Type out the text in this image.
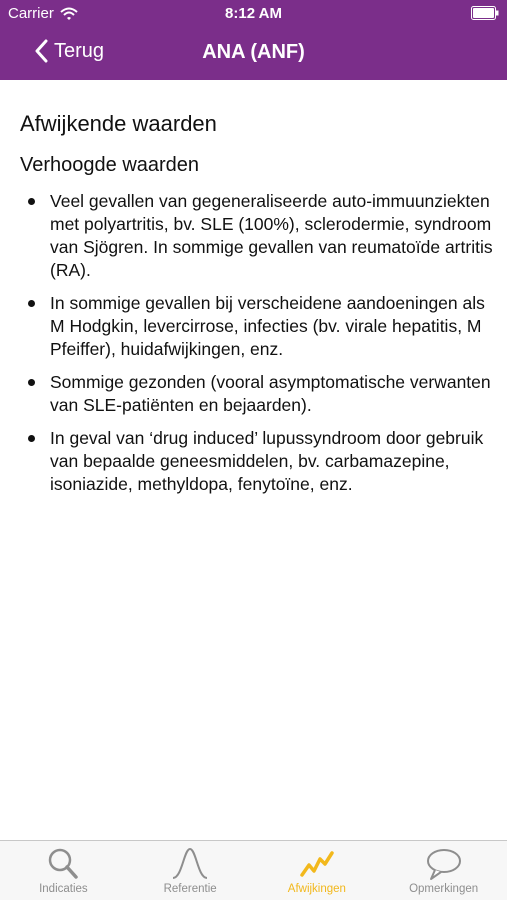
Carrier	8:12 AM
Terug	ANA (ANF)
Afwijkende waarden
Verhoogde waarden
Veel gevallen van gegeneraliseerde auto-immuunziekten met polyartritis, bv. SLE (100%), sclerodermie, syndroom van Sjögren. In sommige gevallen van reumatoïde artritis (RA).
In sommige gevallen bij verscheidene aandoeningen als M Hodgkin, levercirrose, infecties (bv. virale hepatitis, M Pfeiffer), huidafwijkingen, enz.
Sommige gezonden (vooral asymptomatische verwanten van SLE-patiënten en bejaarden).
In geval van ‘drug induced’ lupussyndroom door gebruik van bepaalde geneesmiddelen, bv. carbamazepine, isoniazide, methyldopa, fenytoïne, enz.
Indicaties	Referentie	Afwijkingen	Opmerkingen
